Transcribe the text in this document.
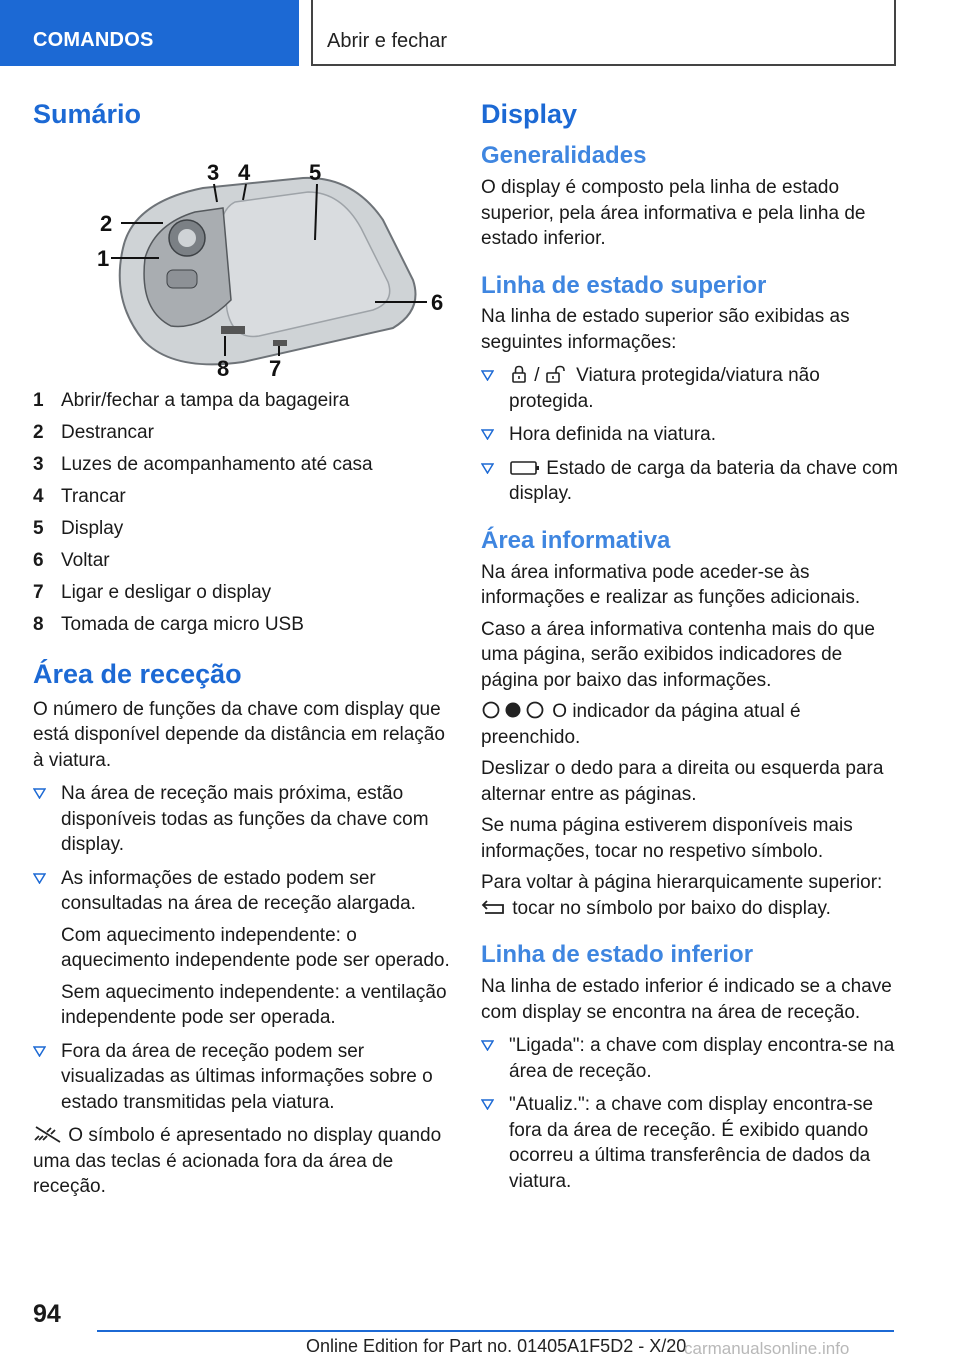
COMANDOS	Abrir e fechar
Sumário
3 4	5
2
1
6
8 7
1 Abrir/fechar a tampa da bagageira
2 Destrancar
3 Luzes de acompanhamento até casa
4 Trancar
5 Display
6 Voltar
7 Ligar e desligar o display
8 Tomada de carga micro USB
Área de receção

O número de funções da chave com display que está disponível depende da distância em relação à viatura.

Na área de receção mais próxima, estão disponíveis todas as funções da chave com display.
As informações de estado podem ser consultadas na área de receção alargada.

Com aquecimento independente: o aquecimento independente pode ser operado.

Sem aquecimento independente: a ventilação independente pode ser operada.

Fora da área de receção podem ser visualizadas as últimas informações sobre o estado transmitidas pela viatura.

O símbolo é apresentado no display quando uma das teclas é acionada fora da área de receção.

Display
Generalidades

O display é composto pela linha de estado superior, pela área informativa e pela linha de estado inferior.

Linha de estado superior

Na linha de estado superior são exibidas as seguintes informações:

/ Viatura protegida/viatura não protegida.
Hora definida na viatura.
Estado de carga da bateria da chave com display.
Área informativa

Na área informativa pode aceder-se às informações e realizar as funções adicionais.

Caso a área informativa contenha mais do que uma página, serão exibidos indicadores de página por baixo das informações.

O indicador da página atual é preenchido.

Deslizar o dedo para a direita ou esquerda para alternar entre as páginas.

Se numa página estiverem disponíveis mais informações, tocar no respetivo símbolo.

Para voltar à página hierarquicamente superior:

tocar no símbolo por baixo do display.

Linha de estado inferior

Na linha de estado inferior é indicado se a chave com display se encontra na área de receção.

"Ligada": a chave com display encontra-se na área de receção.
"Atualiz.": a chave com display encontra-se fora da área de receção. É exibido quando ocorreu a última transferência de dados da viatura.
94
Online Edition for Part no. 01405A1F5D2 - X/20
carmanualsonline.info
